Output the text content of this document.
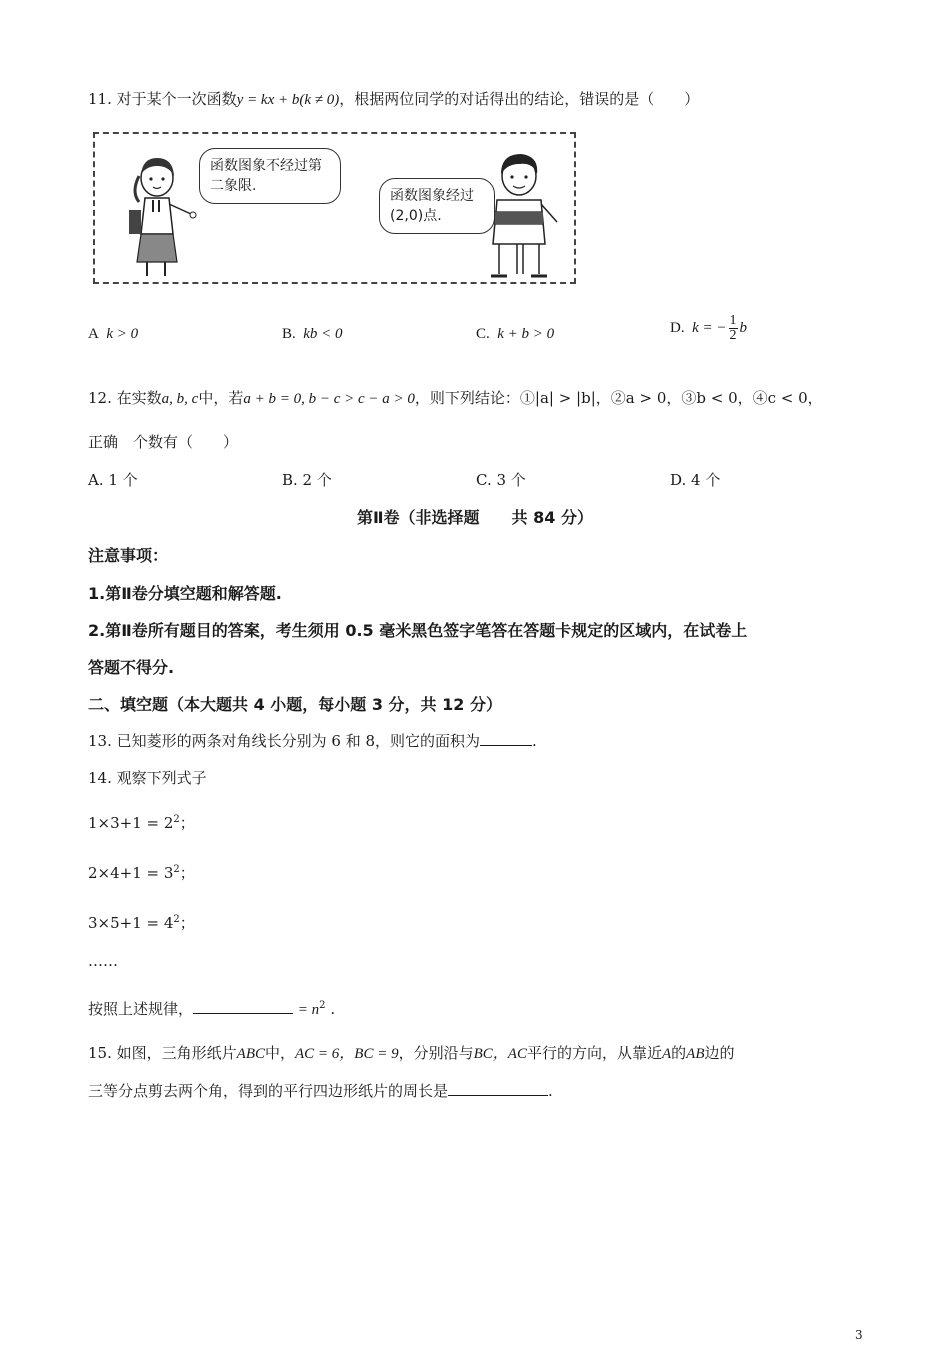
11. 对于某个一次函数y = kx + b(k ≠ 0)，根据两位同学的对话得出的结论，错误的是（　　）
函数图象不经过第二象限.
函数图象经过(2,0)点.
A k > 0	B. kb < 0	C. k + b > 0	D. k = − $\frac{1}{2}$ b
12. 在实数a, b, c中，若a + b = 0, b − c > c − a > 0，则下列结论：①|a| > |b|，②a > 0，③b < 0，④c < 0，
正确　个数有（　　）
A. 1 个	B. 2 个	C. 3 个	D. 4 个
第Ⅱ卷（非选择题　　共 84 分）
注意事项：
1.第Ⅱ卷分填空题和解答题.
2.第Ⅱ卷所有题目的答案，考生须用 0.5 毫米黑色签字笔答在答题卡规定的区域内，在试卷上
答题不得分.
二、填空题（本大题共 4 小题，每小题 3 分，共 12 分）
13. 已知菱形的两条对角线长分别为 6 和 8，则它的面积为	.
14. 观察下列式子
$1\times 3+1 = 2^2$；
$2\times 4+1 = 3^2$；
$3\times 5+1 = 4^2$；
……
按照上述规律，	= $n^2$ .
15. 如图，三角形纸片ABC中，AC = 6，BC = 9，分别沿与BC，AC平行的方向，从靠近A的AB边的
三等分点剪去两个角，得到的平行四边形纸片的周长是	.
3
